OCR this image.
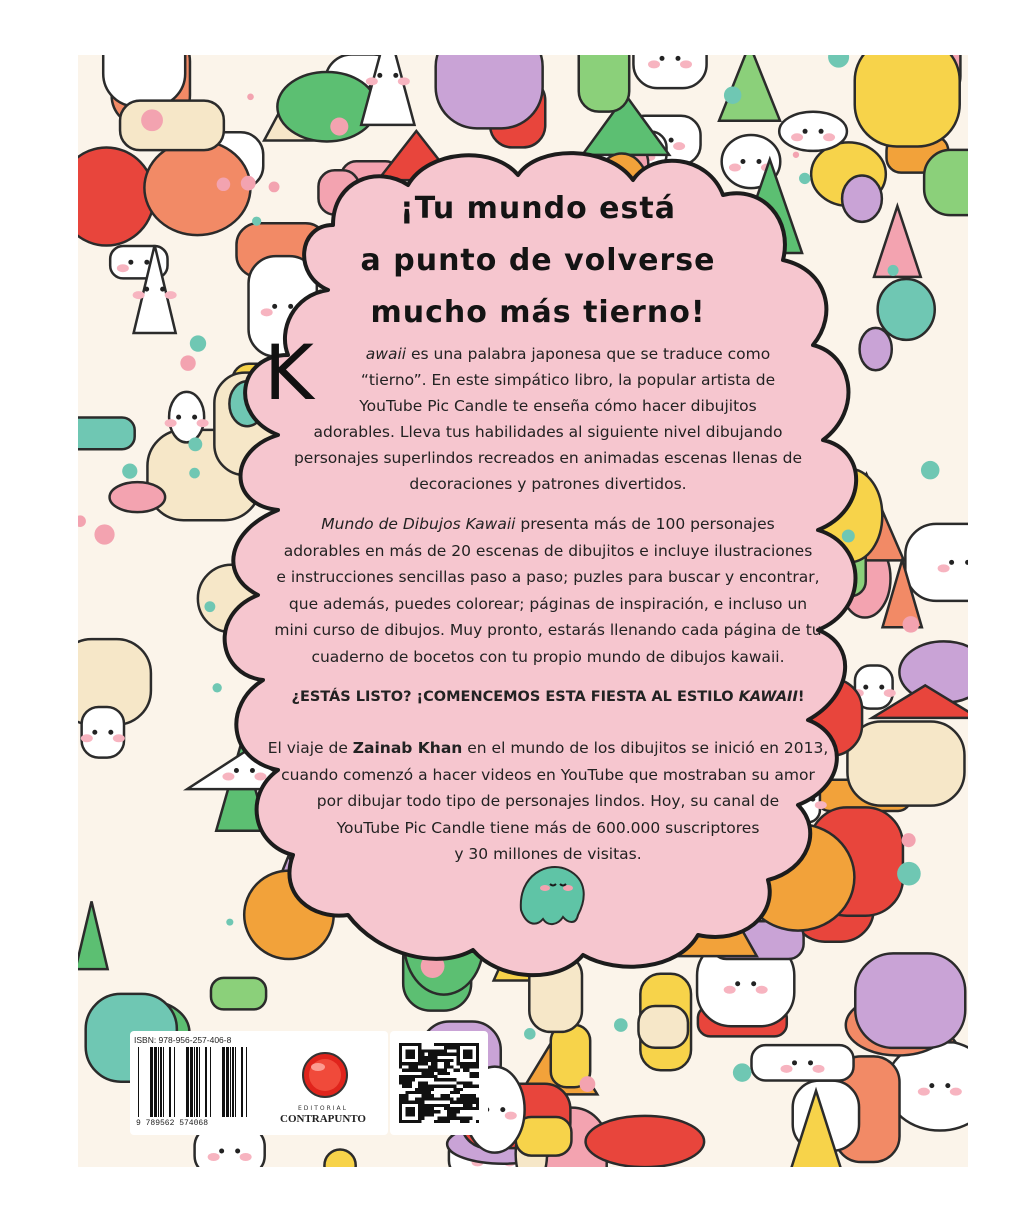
¡Tu mundo está
a punto de volverse
mucho más tierno!
K	awaii es una palabra japonesa que se traduce como
“tierno”. En este simpático libro, la popular artista de
YouTube Pic Candle te enseña cómo hacer dibujitos
adorables. Lleva tus habilidades al siguiente nivel dibujando
personajes superlindos recreados en animadas escenas llenas de
decoraciones y patrones divertidos.
Mundo de Dibujos Kawaii presenta más de 100 personajes
adorables en más de 20 escenas de dibujitos e incluye ilustraciones
e instrucciones sencillas paso a paso; puzles para buscar y encontrar,
que además, puedes colorear; páginas de inspiración, e incluso un
mini curso de dibujos. Muy pronto, estarás llenando cada página de tu
cuaderno de bocetos con tu propio mundo de dibujos kawaii.
¿ESTÁS LISTO? ¡COMENCEMOS ESTA FIESTA AL ESTILO KAWAII!
El viaje de Zainab Khan en el mundo de los dibujitos se inició en 2013,
cuando comenzó a hacer videos en YouTube que mostraban su amor
por dibujar todo tipo de personajes lindos. Hoy, su canal de
YouTube Pic Candle tiene más de 600.000 suscriptores
y 30 millones de visitas.
ISBN: 978-956-257-406-8
9 789562 574068
EDITORIAL
CONTRAPUNTO
